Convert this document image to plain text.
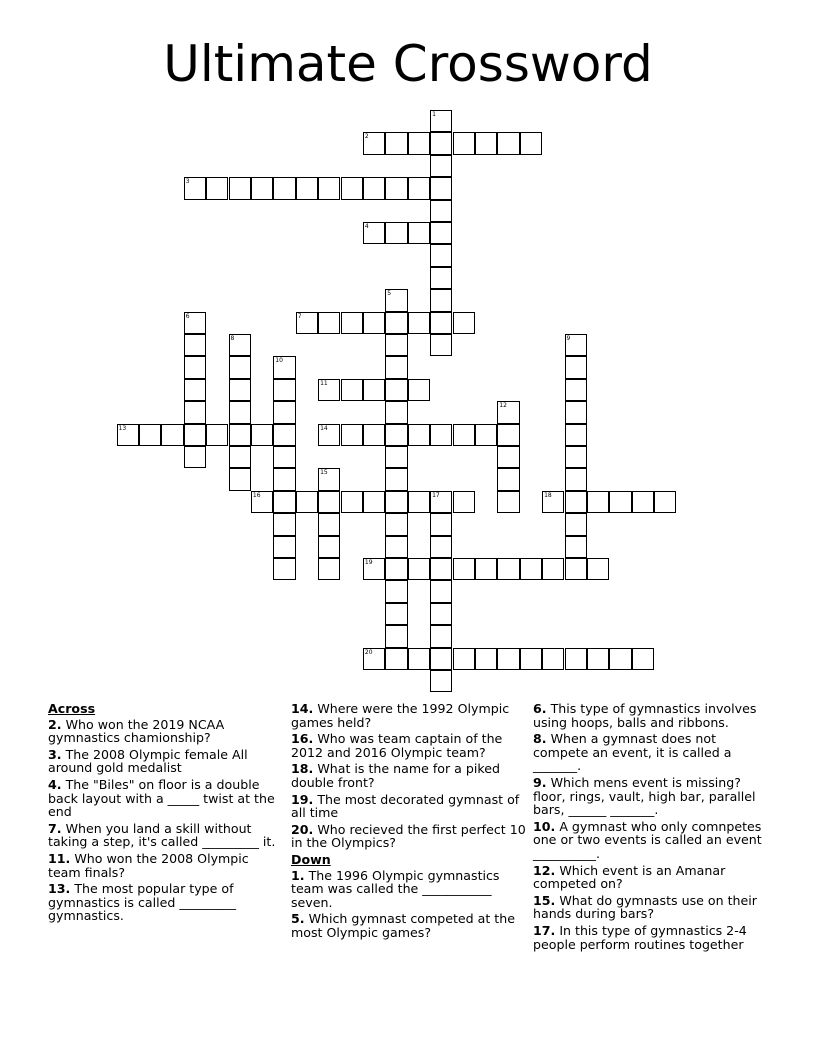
Ultimate Crossword
1
2
3
4
5
6	7
8	9
10
11
12
13	14
15
16	17	18
19
20
Across
2. Who won the 2019 NCAA gymnastics chamionship?
3. The 2008 Olympic female All around gold medalist
4. The "Biles" on floor is a double back layout with a _____ twist at the end
7. When you land a skill without taking a step, it's called _________ it.
11. Who won the 2008 Olympic team finals?
13. The most popular type of gymnastics is called _________ gymnastics.
14. Where were the 1992 Olympic games held?
16. Who was team captain of the 2012 and 2016 Olympic team?
18. What is the name for a piked double front?
19. The most decorated gymnast of all time
20. Who recieved the first perfect 10 in the Olympics?
Down
1. The 1996 Olympic gymnastics team was called the ___________ seven.
5. Which gymnast competed at the most Olympic games?
6. This type of gymnastics involves using hoops, balls and ribbons.
8. When a gymnast does not compete an event, it is called a _______.
9. Which mens event is missing? floor, rings, vault, high bar, parallel bars, ______ _______.
10. A gymnast who only comnpetes one or two events is called an event __________.
12. Which event is an Amanar competed on?
15. What do gymnasts use on their hands during bars?
17. In this type of gymnastics 2-4 people perform routines together
